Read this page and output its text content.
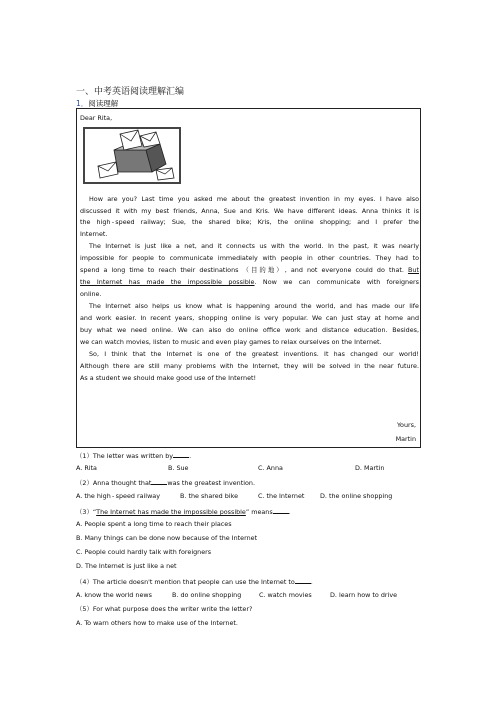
一、中考英语阅读理解汇编
1．阅读理解
Dear Rita,
How are you? Last time you asked me about the greatest invention in my eyes. I have also
discussed it with my best friends, Anna, Sue and Kris. We have different ideas. Anna thinks it is
the high - speed railway; Sue, the shared bike; Kris, the online shopping; and I prefer the
Internet.
The Internet is just like a net, and it connects us with the world. In the past, it was nearly
impossible for people to communicate immediately with people in other countries. They had to
spend a long time to reach their destinations （目的地）, and not everyone could do that. But
the Internet has made the impossible possible. Now we can communicate with foreigners
online.
The Internet also helps us know what is happening around the world, and has made our life
and work easier. In recent years, shopping online is very popular. We can just stay at home and
buy what we need online. We can also do online office work and distance education. Besides,
we can watch movies, listen to music and even play games to relax ourselves on the Internet.
So, I think that the Internet is one of the greatest inventions. It has changed our world!
Although there are still many problems with the Internet, they will be solved in the near future.
As a student we should make good use of the Internet!
Yours,
Martin
（1）The letter was written by	.
A. Rita	B. Sue	C. Anna	D. Martin
（2）Anna thought that	was the greatest invention.
A. the high - speed railway	B. the shared bike	C. the Internet D. the online shopping
（3）“The Internet has made the impossible possible” means	.
A. People spent a long time to reach their places
B. Many things can be done now because of the Internet
C. People could hardly talk with foreigners
D. The Internet is just like a net
（4）The article doesn't mention that people can use the Internet to	.
A. know the world news	B. do online shopping	C. watch movies	D. learn how to drive
（5）For what purpose does the writer write the letter?
A. To warn others how to make use of the Internet.
